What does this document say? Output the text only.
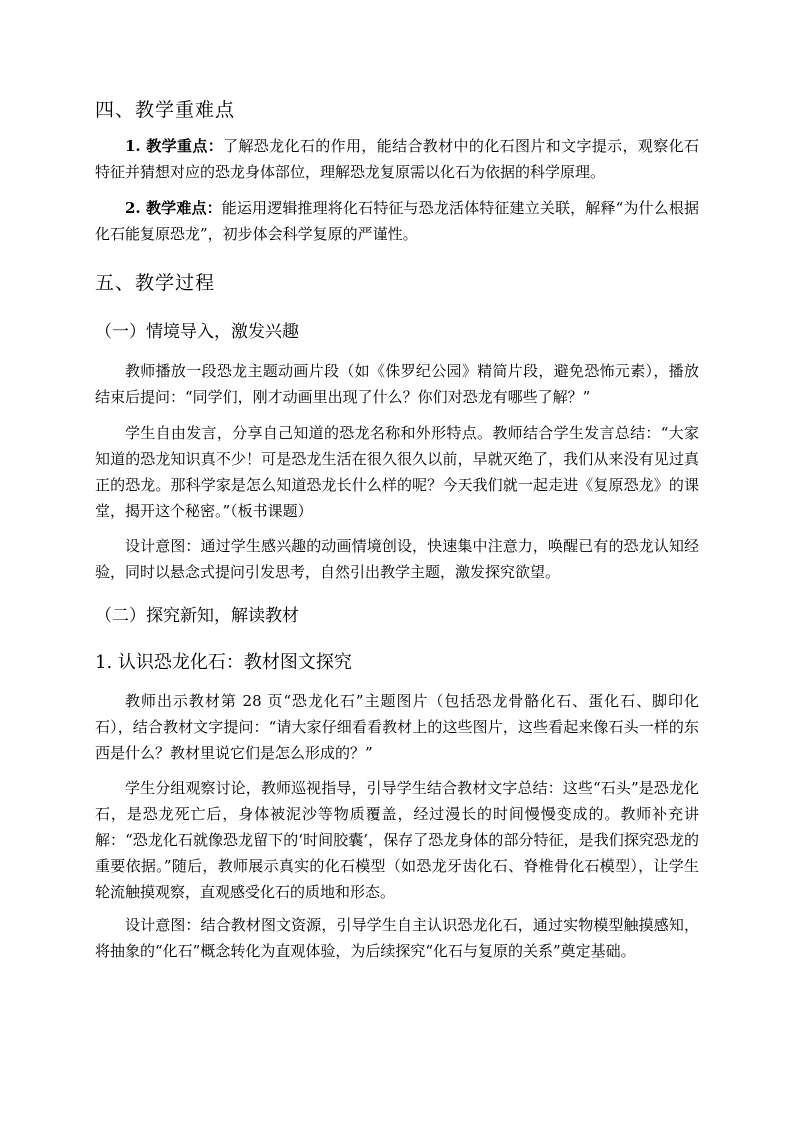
四、教学重难点

1. 教学重点：了解恐龙化石的作用，能结合教材中的化石图片和文字提示，观察化石特征并猜想对应的恐龙身体部位，理解恐龙复原需以化石为依据的科学原理。

2. 教学难点：能运用逻辑推理将化石特征与恐龙活体特征建立关联，解释“为什么根据化石能复原恐龙”，初步体会科学复原的严谨性。

五、教学过程
（一）情境导入，激发兴趣

教师播放一段恐龙主题动画片段（如《侏罗纪公园》精简片段，避免恐怖元素），播放结束后提问：“同学们，刚才动画里出现了什么？你们对恐龙有哪些了解？”

学生自由发言，分享自己知道的恐龙名称和外形特点。教师结合学生发言总结：“大家知道的恐龙知识真不少！可是恐龙生活在很久很久以前，早就灭绝了，我们从来没有见过真正的恐龙。那科学家是怎么知道恐龙长什么样的呢？今天我们就一起走进《复原恐龙》的课堂，揭开这个秘密。”（板书课题）

设计意图：通过学生感兴趣的动画情境创设，快速集中注意力，唤醒已有的恐龙认知经验，同时以悬念式提问引发思考，自然引出教学主题，激发探究欲望。

（二）探究新知，解读教材
1. 认识恐龙化石：教材图文探究

教师出示教材第 28 页“恐龙化石”主题图片（包括恐龙骨骼化石、蛋化石、脚印化石），结合教材文字提问：“请大家仔细看看教材上的这些图片，这些看起来像石头一样的东西是什么？教材里说它们是怎么形成的？”

学生分组观察讨论，教师巡视指导，引导学生结合教材文字总结：这些“石头”是恐龙化石，是恐龙死亡后，身体被泥沙等物质覆盖，经过漫长的时间慢慢变成的。教师补充讲解：“恐龙化石就像恐龙留下的‘时间胶囊’，保存了恐龙身体的部分特征，是我们探究恐龙的重要依据。”随后，教师展示真实的化石模型（如恐龙牙齿化石、脊椎骨化石模型），让学生轮流触摸观察，直观感受化石的质地和形态。

设计意图：结合教材图文资源，引导学生自主认识恐龙化石，通过实物模型触摸感知，将抽象的“化石”概念转化为直观体验，为后续探究“化石与复原的关系”奠定基础。
